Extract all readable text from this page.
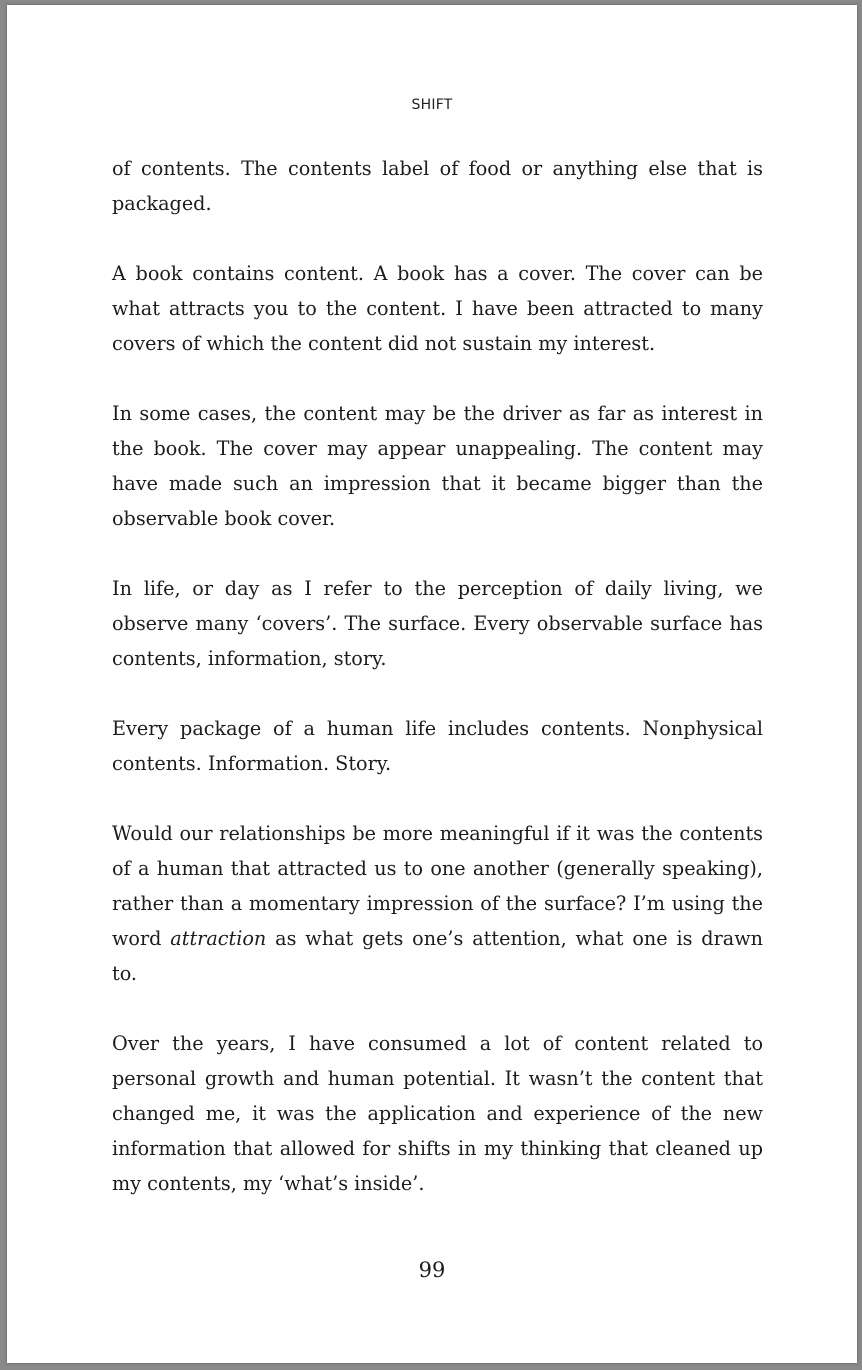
SHIFT

of contents. The contents label of food or anything else that is packaged.

A book contains content. A book has a cover. The cover can be what attracts you to the content. I have been attracted to many covers of which the content did not sustain my interest.

In some cases, the content may be the driver as far as interest in the book. The cover may appear unappealing. The content may have made such an impression that it became bigger than the observable book cover.

In life, or day as I refer to the perception of daily living, we observe many ‘covers’. The surface. Every observable surface has contents, information, story.

Every package of a human life includes contents. Nonphysical contents. Information. Story.

Would our relationships be more meaningful if it was the contents of a human that attracted us to one another (generally speaking), rather than a momentary impression of the surface? I’m using the word attraction as what gets one’s attention, what one is drawn to.

Over the years, I have consumed a lot of content related to personal growth and human potential. It wasn’t the content that changed me, it was the application and experience of the new information that allowed for shifts in my thinking that cleaned up my contents, my ‘what’s inside’.

99
